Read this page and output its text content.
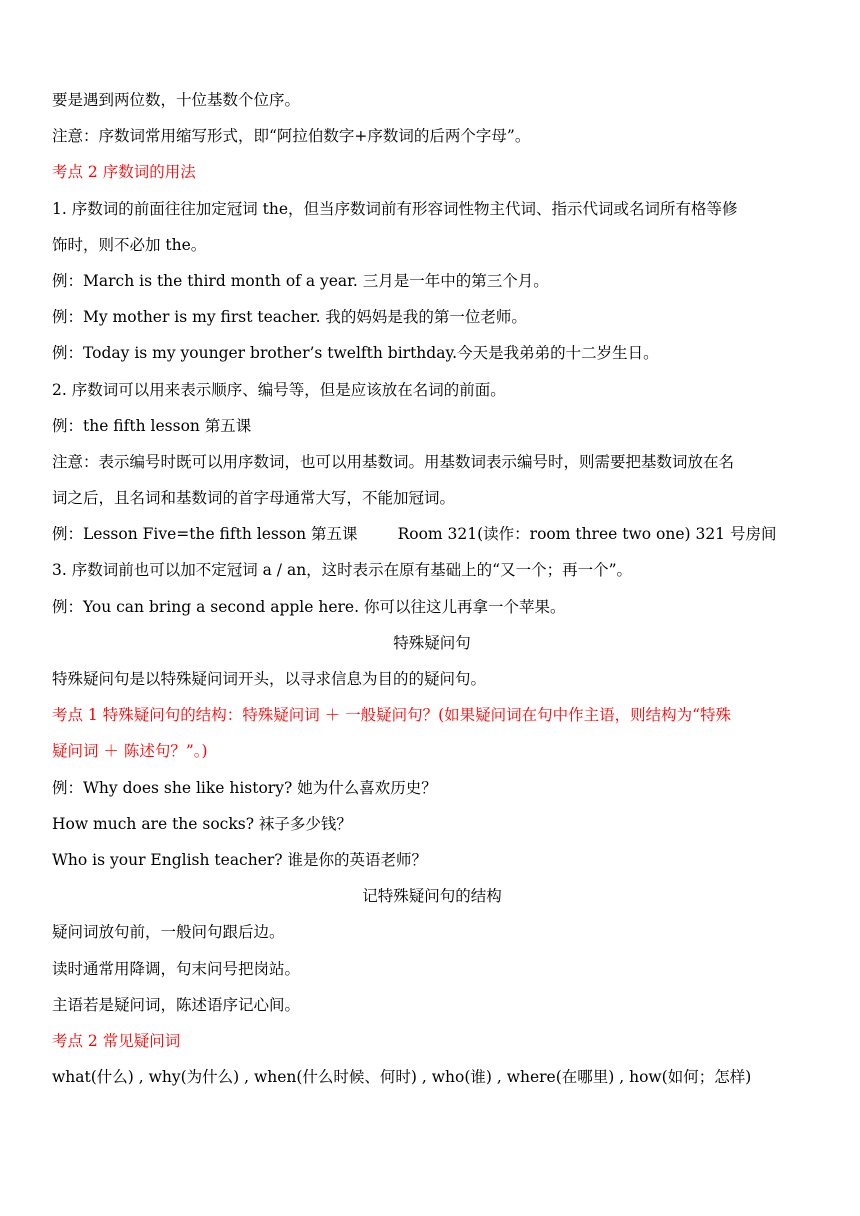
要是遇到两位数，十位基数个位序。
注意：序数词常用缩写形式，即“阿拉伯数字+序数词的后两个字母”。
考点 2 序数词的用法
1. 序数词的前面往往加定冠词 the，但当序数词前有形容词性物主代词、指示代词或名词所有格等修
饰时，则不必加 the。
例：March is the third month of a year. 三月是一年中的第三个月。
例：My mother is my first teacher. 我的妈妈是我的第一位老师。
例：Today is my younger brother’s twelfth birthday.今天是我弟弟的十二岁生日。
2. 序数词可以用来表示顺序、编号等，但是应该放在名词的前面。
例：the fifth lesson 第五课
注意：表示编号时既可以用序数词，也可以用基数词。用基数词表示编号时，则需要把基数词放在名
词之后，且名词和基数词的首字母通常大写，不能加冠词。
例：Lesson Five=the fifth lesson 第五课	Room 321(读作：room three two one) 321 号房间
3. 序数词前也可以加不定冠词 a / an，这时表示在原有基础上的“又一个；再一个”。
例：You can bring a second apple here. 你可以往这儿再拿一个苹果。
特殊疑问句
特殊疑问句是以特殊疑问词开头，以寻求信息为目的的疑问句。
考点 1 特殊疑问句的结构：特殊疑问词 ＋ 一般疑问句？(如果疑问词在句中作主语，则结构为“特殊
疑问词 ＋ 陈述句？”。)
例：Why does she like history? 她为什么喜欢历史？
How much are the socks? 袜子多少钱？
Who is your English teacher? 谁是你的英语老师？
记特殊疑问句的结构
疑问词放句前，一般问句跟后边。
读时通常用降调，句末问号把岗站。
主语若是疑问词，陈述语序记心间。
考点 2 常见疑问词
what(什么) , why(为什么) , when(什么时候、何时) , who(谁) , where(在哪里) , how(如何；怎样)
